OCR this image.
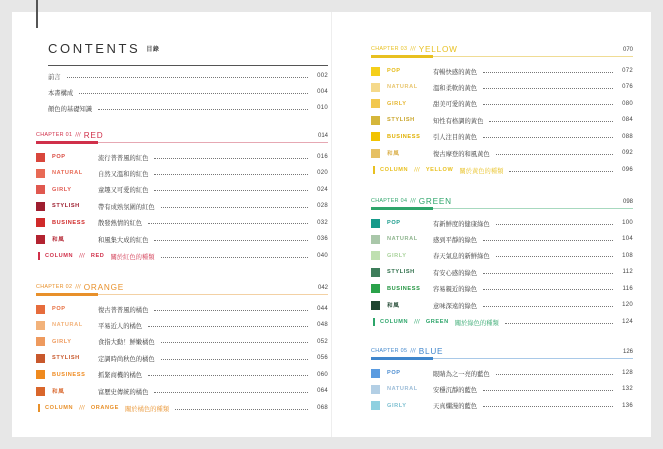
CONTENTS 目錄
前言	002
本書構成	004
顏色的基礎知識	010
CHAPTER 01 /// RED	014
POP	流行普普風的紅色	016
NATURAL	自然又溫和的紅色	020
GIRLY	童趣又可愛的紅色	024
STYLISH	帶有成熟氛圍的紅色	028
BUSINESS	散發熱情的紅色	032
和風	和風集大成的紅色	036
COLUMN /// RED 關於紅色的種類	040
CHAPTER 02 /// ORANGE	042
POP	復古普普風的橘色	044
NATURAL	平易近人的橘色	048
GIRLY	食指大動！鮮嫩橘色	052
STYLISH	定調時尚秋色的橘色	056
BUSINESS	抓緊商機的橘色	060
和風	富歷史傳統的橘色	064
COLUMN /// ORANGE 關於橘色的種類	068
CHAPTER 03 /// YELLOW	070
POP	有暢快感的黃色	072
NATURAL	溫和柔軟的黃色	076
GIRLY	甜美可愛的黃色	080
STYLISH	知性有格調的黃色	084
BUSINESS	引人注目的黃色	088
和風	復古摩登的和風黃色	092
COLUMN /// YELLOW 關於黃色的種類	096
CHAPTER 04 /// GREEN	098
POP	有新鮮度的健康綠色	100
NATURAL	感到平靜的綠色	104
GIRLY	春天氣息的新鮮綠色	108
STYLISH	有安心感的綠色	112
BUSINESS	容易親近的綠色	116
和風	意味深遠的綠色	120
COLUMN /// GREEN 關於綠色的種類	124
CHAPTER 05 /// BLUE	126
POP	眼睛為之一亮的藍色	128
NATURAL	安穩沉靜的藍色	132
GIRLY	天真爛漫的藍色	136
